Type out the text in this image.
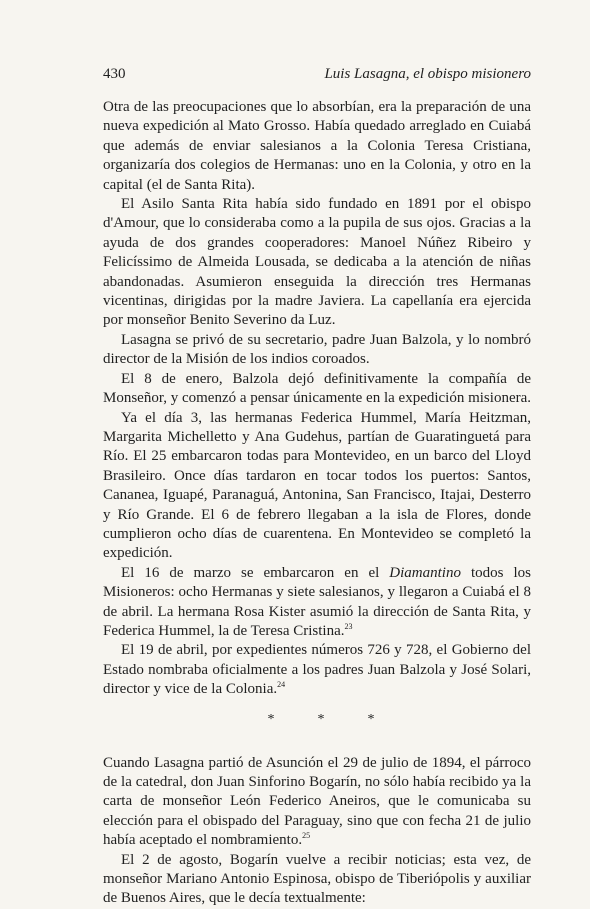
430	Luis Lasagna, el obispo misionero

Otra de las preocupaciones que lo absorbían, era la preparación de una nueva expedición al Mato Grosso. Había quedado arreglado en Cuiabá que además de enviar salesianos a la Colonia Teresa Cristiana, organizaría dos colegios de Hermanas: uno en la Colonia, y otro en la capital (el de Santa Rita).

El Asilo Santa Rita había sido fundado en 1891 por el obispo d'Amour, que lo consideraba como a la pupila de sus ojos. Gracias a la ayuda de dos grandes cooperadores: Manoel Núñez Ribeiro y Felicíssimo de Almeida Lousada, se dedicaba a la atención de niñas abandonadas. Asumieron enseguida la dirección tres Hermanas vicentinas, dirigidas por la madre Javiera. La capellanía era ejercida por monseñor Benito Severino da Luz.

Lasagna se privó de su secretario, padre Juan Balzola, y lo nombró director de la Misión de los indios coroados.

El 8 de enero, Balzola dejó definitivamente la compañía de Monseñor, y comenzó a pensar únicamente en la expedición misionera.

Ya el día 3, las hermanas Federica Hummel, María Heitzman, Margarita Michelletto y Ana Gudehus, partían de Guaratinguetá para Río. El 25 embarcaron todas para Montevideo, en un barco del Lloyd Brasileiro. Once días tardaron en tocar todos los puertos: Santos, Cananea, Iguapé, Paranaguá, Antonina, San Francisco, Itajai, Desterro y Río Grande. El 6 de febrero llegaban a la isla de Flores, donde cumplieron ocho días de cuarentena. En Montevideo se completó la expedición.

El 16 de marzo se embarcaron en el Diamantino todos los Misioneros: ocho Hermanas y siete salesianos, y llegaron a Cuiabá el 8 de abril. La hermana Rosa Kister asumió la dirección de Santa Rita, y Federica Hummel, la de Teresa Cristina.$^{23}$

El 19 de abril, por expedientes números 726 y 728, el Gobierno del Estado nombraba oficialmente a los padres Juan Balzola y José Solari, director y vice de la Colonia.$^{24}$

*	*	*

Cuando Lasagna partió de Asunción el 29 de julio de 1894, el párroco de la catedral, don Juan Sinforino Bogarín, no sólo había recibido ya la carta de monseñor León Federico Aneiros, que le comunicaba su elección para el obispado del Paraguay, sino que con fecha 21 de julio había aceptado el nombramiento.$^{25}$

El 2 de agosto, Bogarín vuelve a recibir noticias; esta vez, de monseñor Mariano Antonio Espinosa, obispo de Tiberiópolis y auxiliar de Buenos Aires, que le decía textualmente:
